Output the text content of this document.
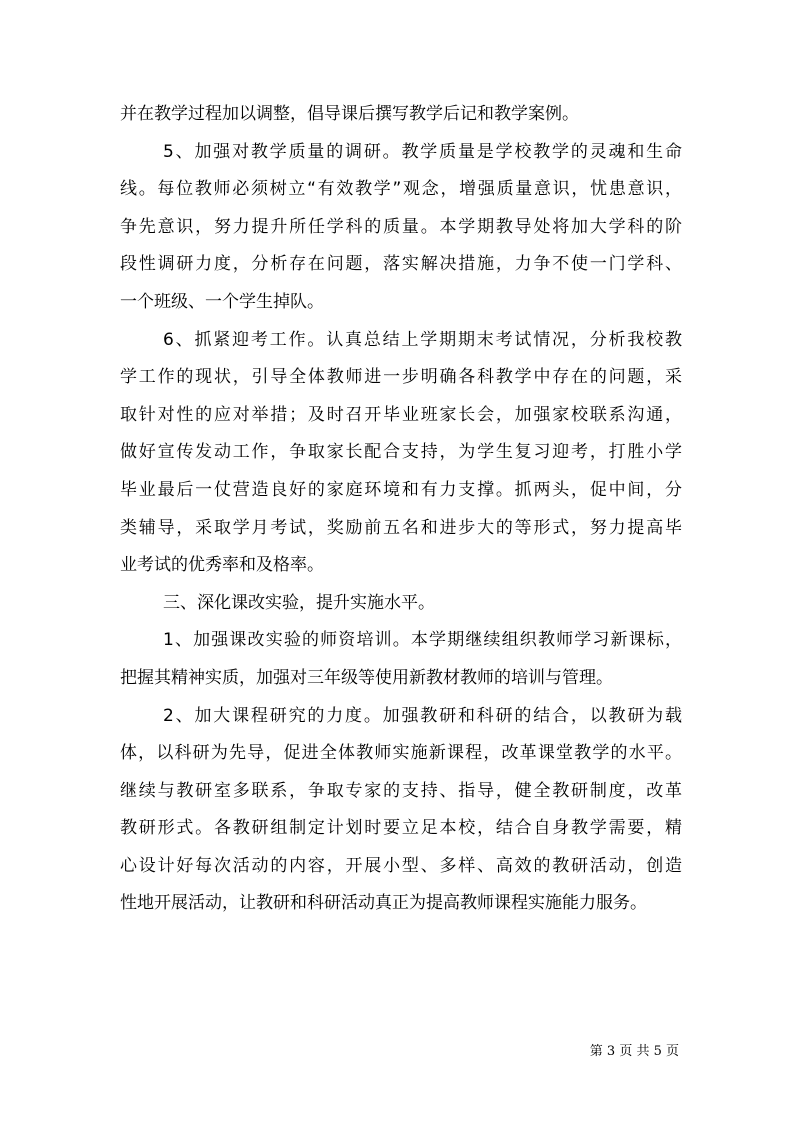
并在教学过程加以调整，倡导课后撰写教学后记和教学案例。
5、加强对教学质量的调研。教学质量是学校教学的灵魂和生命
线。每位教师必须树立“有效教学”观念，增强质量意识，忧患意识，
争先意识，努力提升所任学科的质量。本学期教导处将加大学科的阶
段性调研力度，分析存在问题，落实解决措施，力争不使一门学科、
一个班级、一个学生掉队。
6、抓紧迎考工作。认真总结上学期期末考试情况，分析我校教
学工作的现状，引导全体教师进一步明确各科教学中存在的问题，采
取针对性的应对举措；及时召开毕业班家长会，加强家校联系沟通，
做好宣传发动工作，争取家长配合支持，为学生复习迎考，打胜小学
毕业最后一仗营造良好的家庭环境和有力支撑。抓两头，促中间，分
类辅导，采取学月考试，奖励前五名和进步大的等形式，努力提高毕
业考试的优秀率和及格率。
三、深化课改实验，提升实施水平。
1、加强课改实验的师资培训。本学期继续组织教师学习新课标，
把握其精神实质，加强对三年级等使用新教材教师的培训与管理。
2、加大课程研究的力度。加强教研和科研的结合，以教研为载
体，以科研为先导，促进全体教师实施新课程，改革课堂教学的水平。
继续与教研室多联系，争取专家的支持、指导，健全教研制度，改革
教研形式。各教研组制定计划时要立足本校，结合自身教学需要，精
心设计好每次活动的内容，开展小型、多样、高效的教研活动，创造
性地开展活动，让教研和科研活动真正为提高教师课程实施能力服务。
第 3 页 共 5 页
